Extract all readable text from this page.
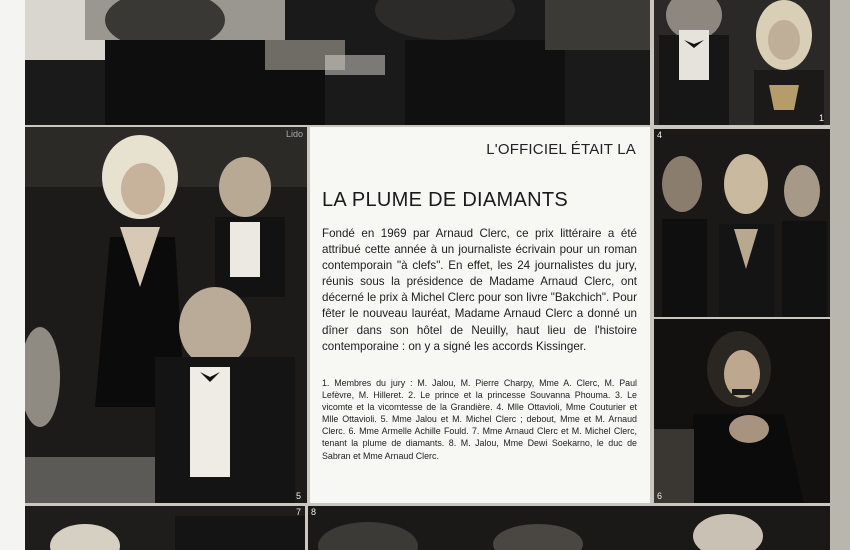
1
Lido
5
L'OFFICIEL ÉTAIT LA
LA PLUME DE DIAMANTS
Fondé en 1969 par Arnaud Clerc, ce prix littéraire a été attribué cette année à un journaliste écrivain pour un roman contemporain "à clefs". En effet, les 24 journalistes du jury, réunis sous la présidence de Madame Arnaud Clerc, ont décerné le prix à Michel Clerc pour son livre "Bakchich". Pour fêter le nouveau lauréat, Madame Arnaud Clerc a donné un dîner dans son hôtel de Neuilly, haut lieu de l'histoire contemporaine : on y a signé les accords Kissinger.
1. Membres du jury : M. Jalou, M. Pierre Charpy, Mme A. Clerc, M. Paul Lefèvre, M. Hilleret. 2. Le prince et la princesse Souvanna Phouma. 3. Le vicomte et la vicomtesse de la Grandière. 4. Mlle Ottavioli, Mme Couturier et Mlle Ottavioli. 5. Mme Jalou et M. Michel Clerc ; debout, Mme et M. Arnaud Clerc. 6. Mme Armelle Achille Fould. 7. Mme Arnaud Clerc et M. Michel Clerc, tenant la plume de diamants. 8. M. Jalou, Mme Dewi Soekarno, le duc de Sabran et Mme Arnaud Clerc.
4
6
7 8
